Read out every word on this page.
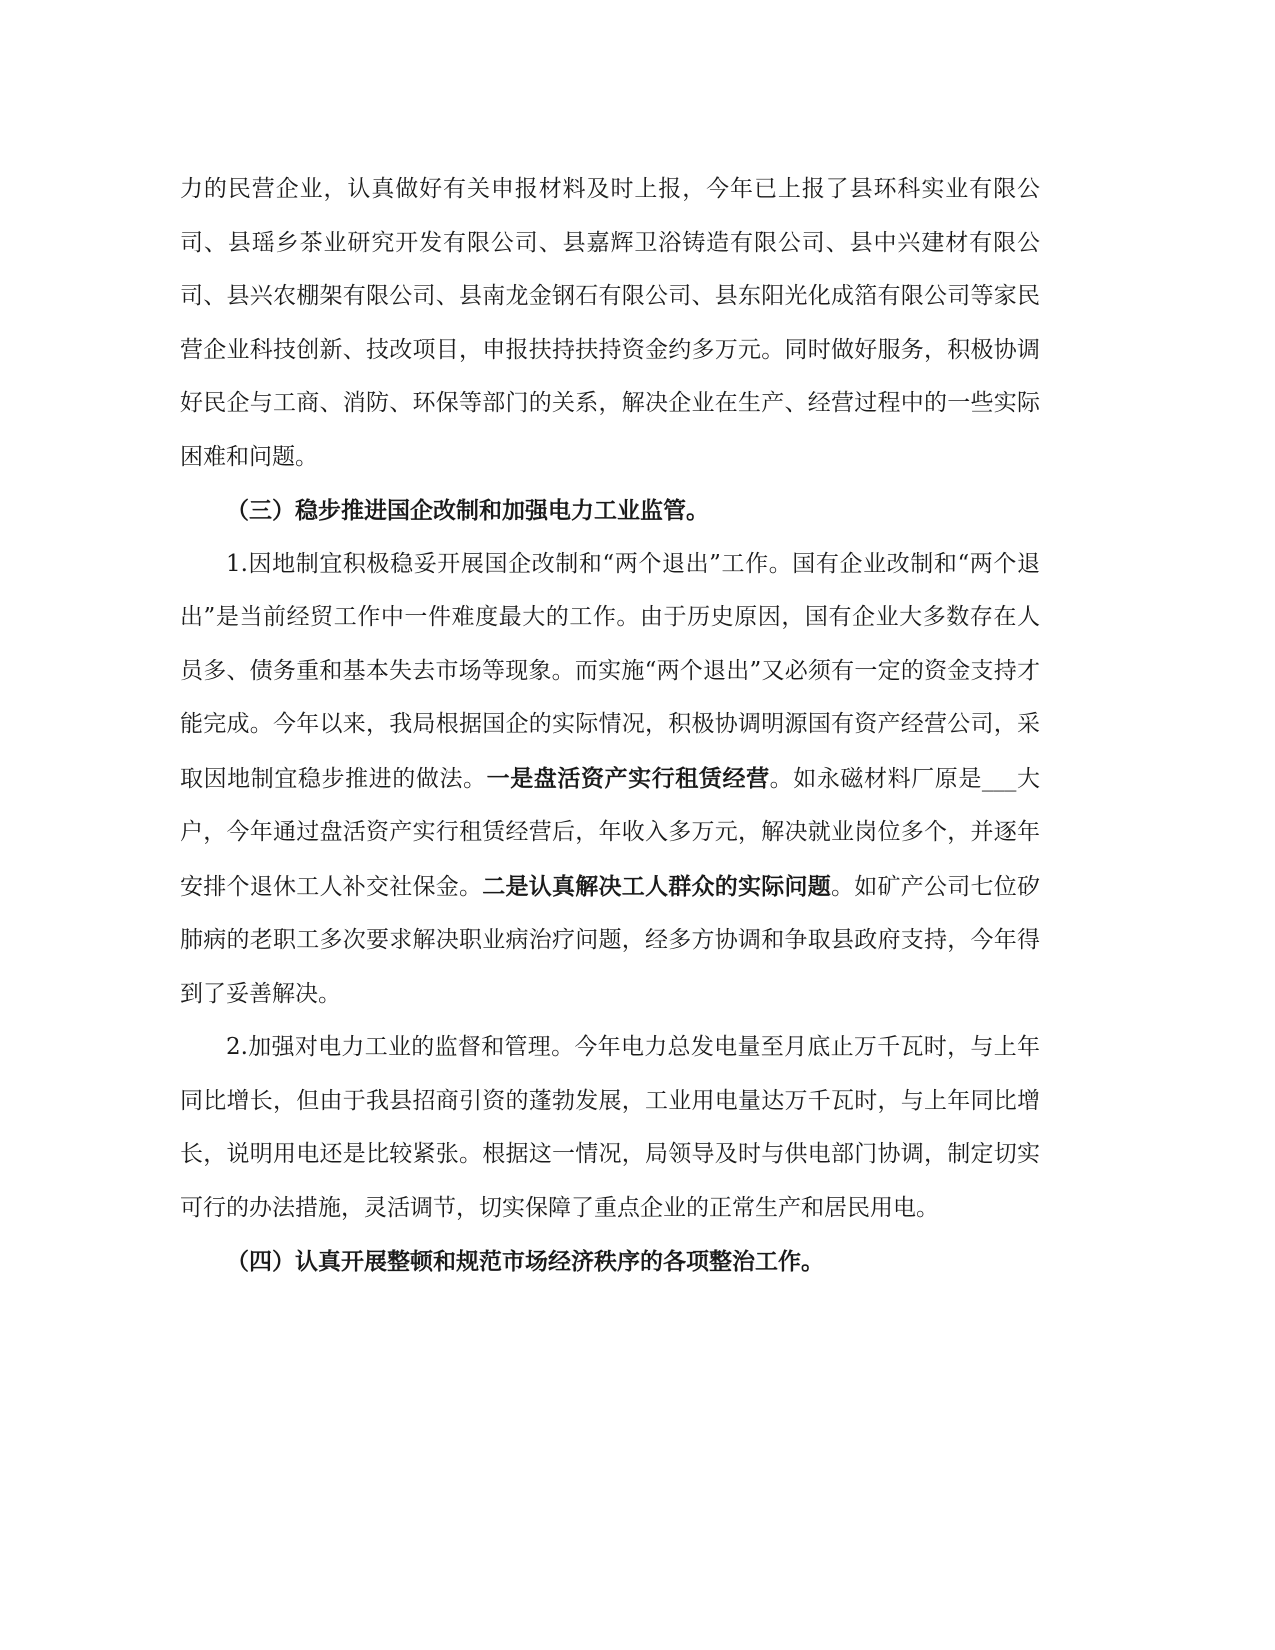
力的民营企业，认真做好有关申报材料及时上报，今年已上报了县环科实业有限公司、县瑶乡茶业研究开发有限公司、县嘉辉卫浴铸造有限公司、县中兴建材有限公司、县兴农棚架有限公司、县南龙金钢石有限公司、县东阳光化成箔有限公司等家民营企业科技创新、技改项目，申报扶持扶持资金约多万元。同时做好服务，积极协调好民企与工商、消防、环保等部门的关系，解决企业在生产、经营过程中的一些实际困难和问题。

（三）稳步推进国企改制和加强电力工业监管。

1.因地制宜积极稳妥开展国企改制和“两个退出”工作。国有企业改制和“两个退出”是当前经贸工作中一件难度最大的工作。由于历史原因，国有企业大多数存在人员多、债务重和基本失去市场等现象。而实施“两个退出”又必须有一定的资金支持才能完成。今年以来，我局根据国企的实际情况，积极协调明源国有资产经营公司，采取因地制宜稳步推进的做法。一是盘活资产实行租赁经营。如永磁材料厂原是___大户，今年通过盘活资产实行租赁经营后，年收入多万元，解决就业岗位多个，并逐年安排个退休工人补交社保金。二是认真解决工人群众的实际问题。如矿产公司七位矽肺病的老职工多次要求解决职业病治疗问题，经多方协调和争取县政府支持，今年得到了妥善解决。

2.加强对电力工业的监督和管理。今年电力总发电量至月底止万千瓦时，与上年同比增长，但由于我县招商引资的蓬勃发展，工业用电量达万千瓦时，与上年同比增长，说明用电还是比较紧张。根据这一情况，局领导及时与供电部门协调，制定切实可行的办法措施，灵活调节，切实保障了重点企业的正常生产和居民用电。

（四）认真开展整顿和规范市场经济秩序的各项整治工作。
